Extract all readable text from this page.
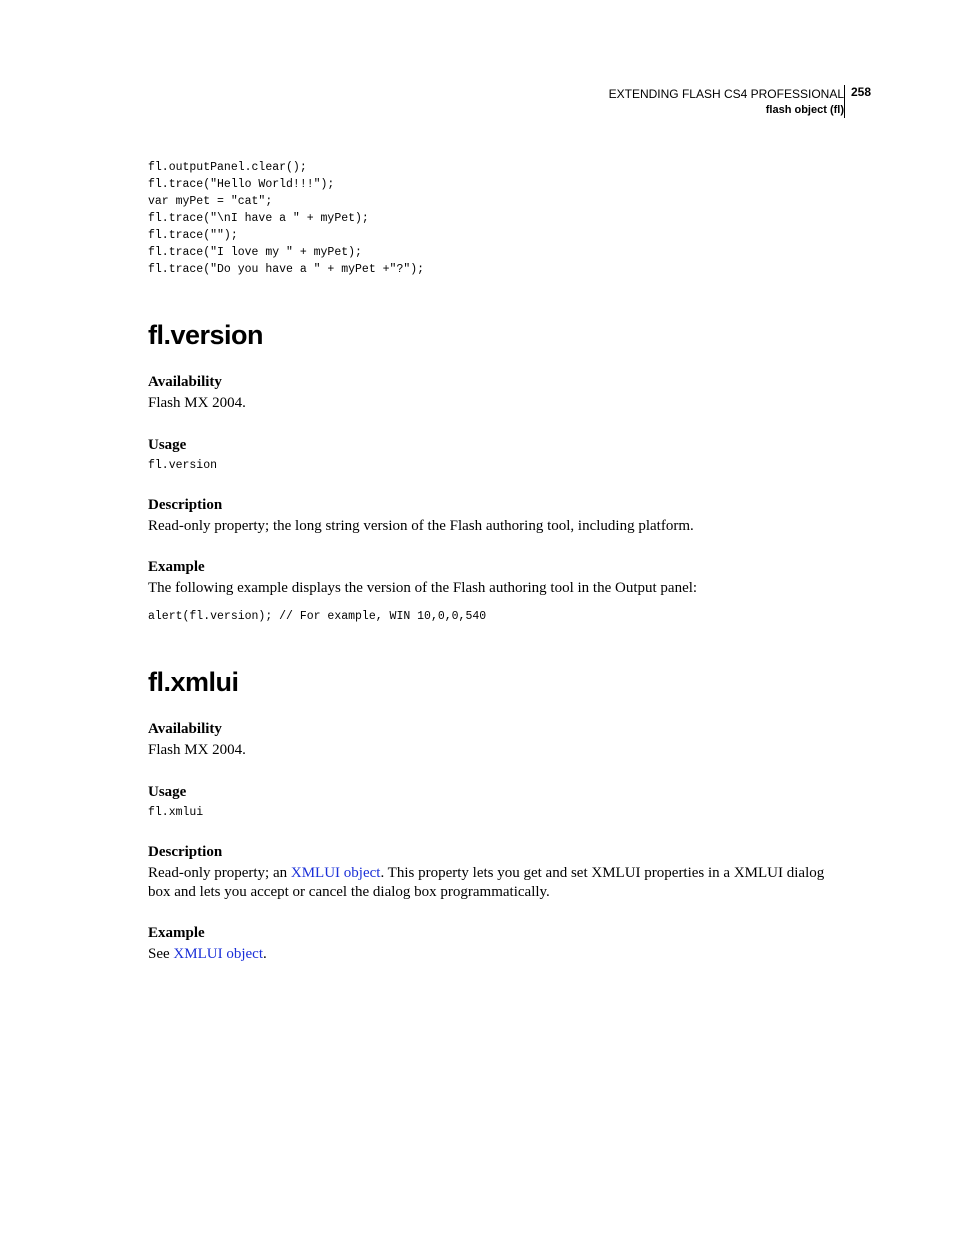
EXTENDING FLASH CS4 PROFESSIONAL
flash object (fl)
258
fl.outputPanel.clear();
fl.trace("Hello World!!!");
var myPet = "cat";
fl.trace("\nI have a " + myPet);
fl.trace("");
fl.trace("I love my " + myPet);
fl.trace("Do you have a " + myPet +"?");
fl.version
Availability

Flash MX 2004.

Usage
fl.version
Description

Read-only property; the long string version of the Flash authoring tool, including platform.

Example

The following example displays the version of the Flash authoring tool in the Output panel:

alert(fl.version); // For example, WIN 10,0,0,540
fl.xmlui
Availability

Flash MX 2004.

Usage
fl.xmlui
Description

Read-only property; an XMLUI object. This property lets you get and set XMLUI properties in a XMLUI dialog box and lets you accept or cancel the dialog box programmatically.

Example

See XMLUI object.
